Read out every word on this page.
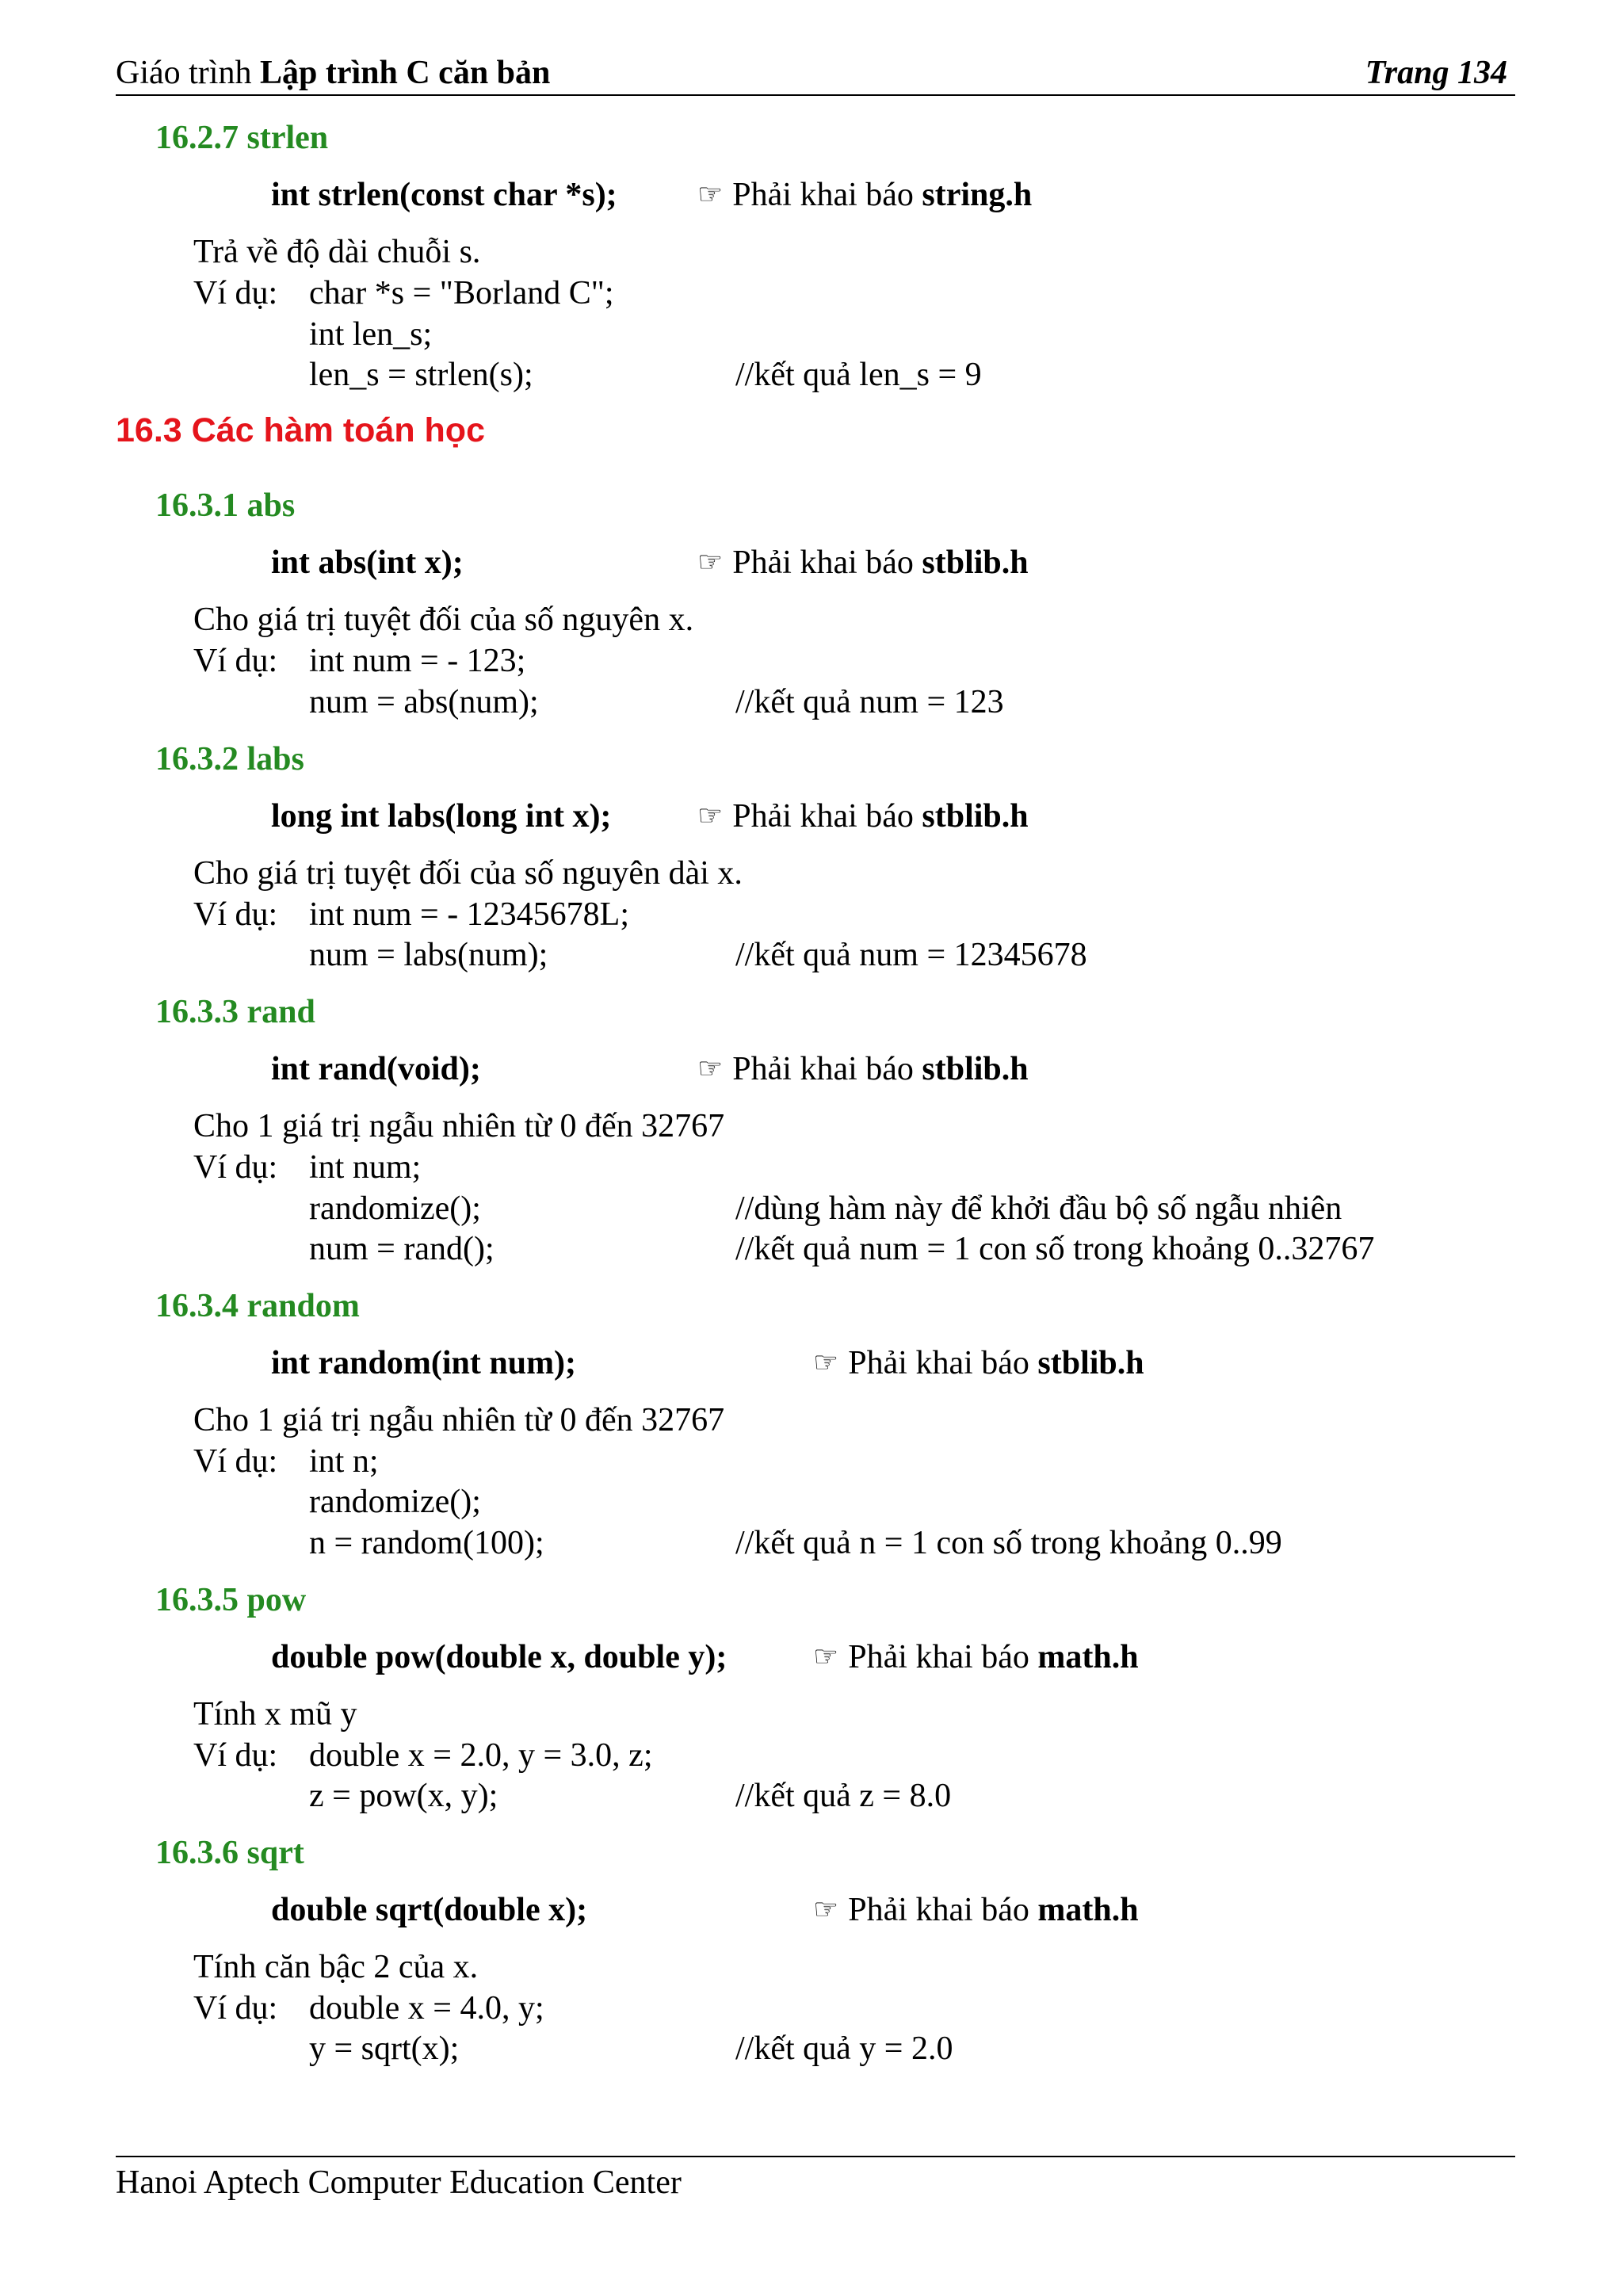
Giáo trình Lập trình C căn bản	Trang 134
16.2.7 strlen
int strlen(const char *s);	☞ Phải khai báo string.h
Trả về độ dài chuỗi s.
Ví dụ: char *s = "Borland C";
int len_s;
len_s = strlen(s);	//kết quả len_s = 9
16.3 Các hàm toán học
16.3.1 abs
int abs(int x);	☞ Phải khai báo stblib.h
Cho giá trị tuyệt đối của số nguyên x.
Ví dụ: int num = - 123;
num = abs(num);	//kết quả num = 123
16.3.2 labs
long int labs(long int x);	☞ Phải khai báo stblib.h
Cho giá trị tuyệt đối của số nguyên dài x.
Ví dụ: int num = - 12345678L;
num = labs(num);	//kết quả num = 12345678
16.3.3 rand
int rand(void);	☞ Phải khai báo stblib.h
Cho 1 giá trị ngẫu nhiên từ 0 đến 32767
Ví dụ: int num;
randomize();	//dùng hàm này để khởi đầu bộ số ngẫu nhiên
num = rand();	//kết quả num = 1 con số trong khoảng 0..32767
16.3.4 random
int random(int num);	☞ Phải khai báo stblib.h
Cho 1 giá trị ngẫu nhiên từ 0 đến 32767
Ví dụ: int n;
randomize();
n = random(100);	//kết quả n = 1 con số trong khoảng 0..99
16.3.5 pow
double pow(double x, double y);	☞ Phải khai báo math.h
Tính x mũ y
Ví dụ: double x = 2.0, y = 3.0, z;
z = pow(x, y);	//kết quả z = 8.0
16.3.6 sqrt
double sqrt(double x);	☞ Phải khai báo math.h
Tính căn bậc 2 của x.
Ví dụ: double x = 4.0, y;
y = sqrt(x);	//kết quả y = 2.0
Hanoi Aptech Computer Education Center
